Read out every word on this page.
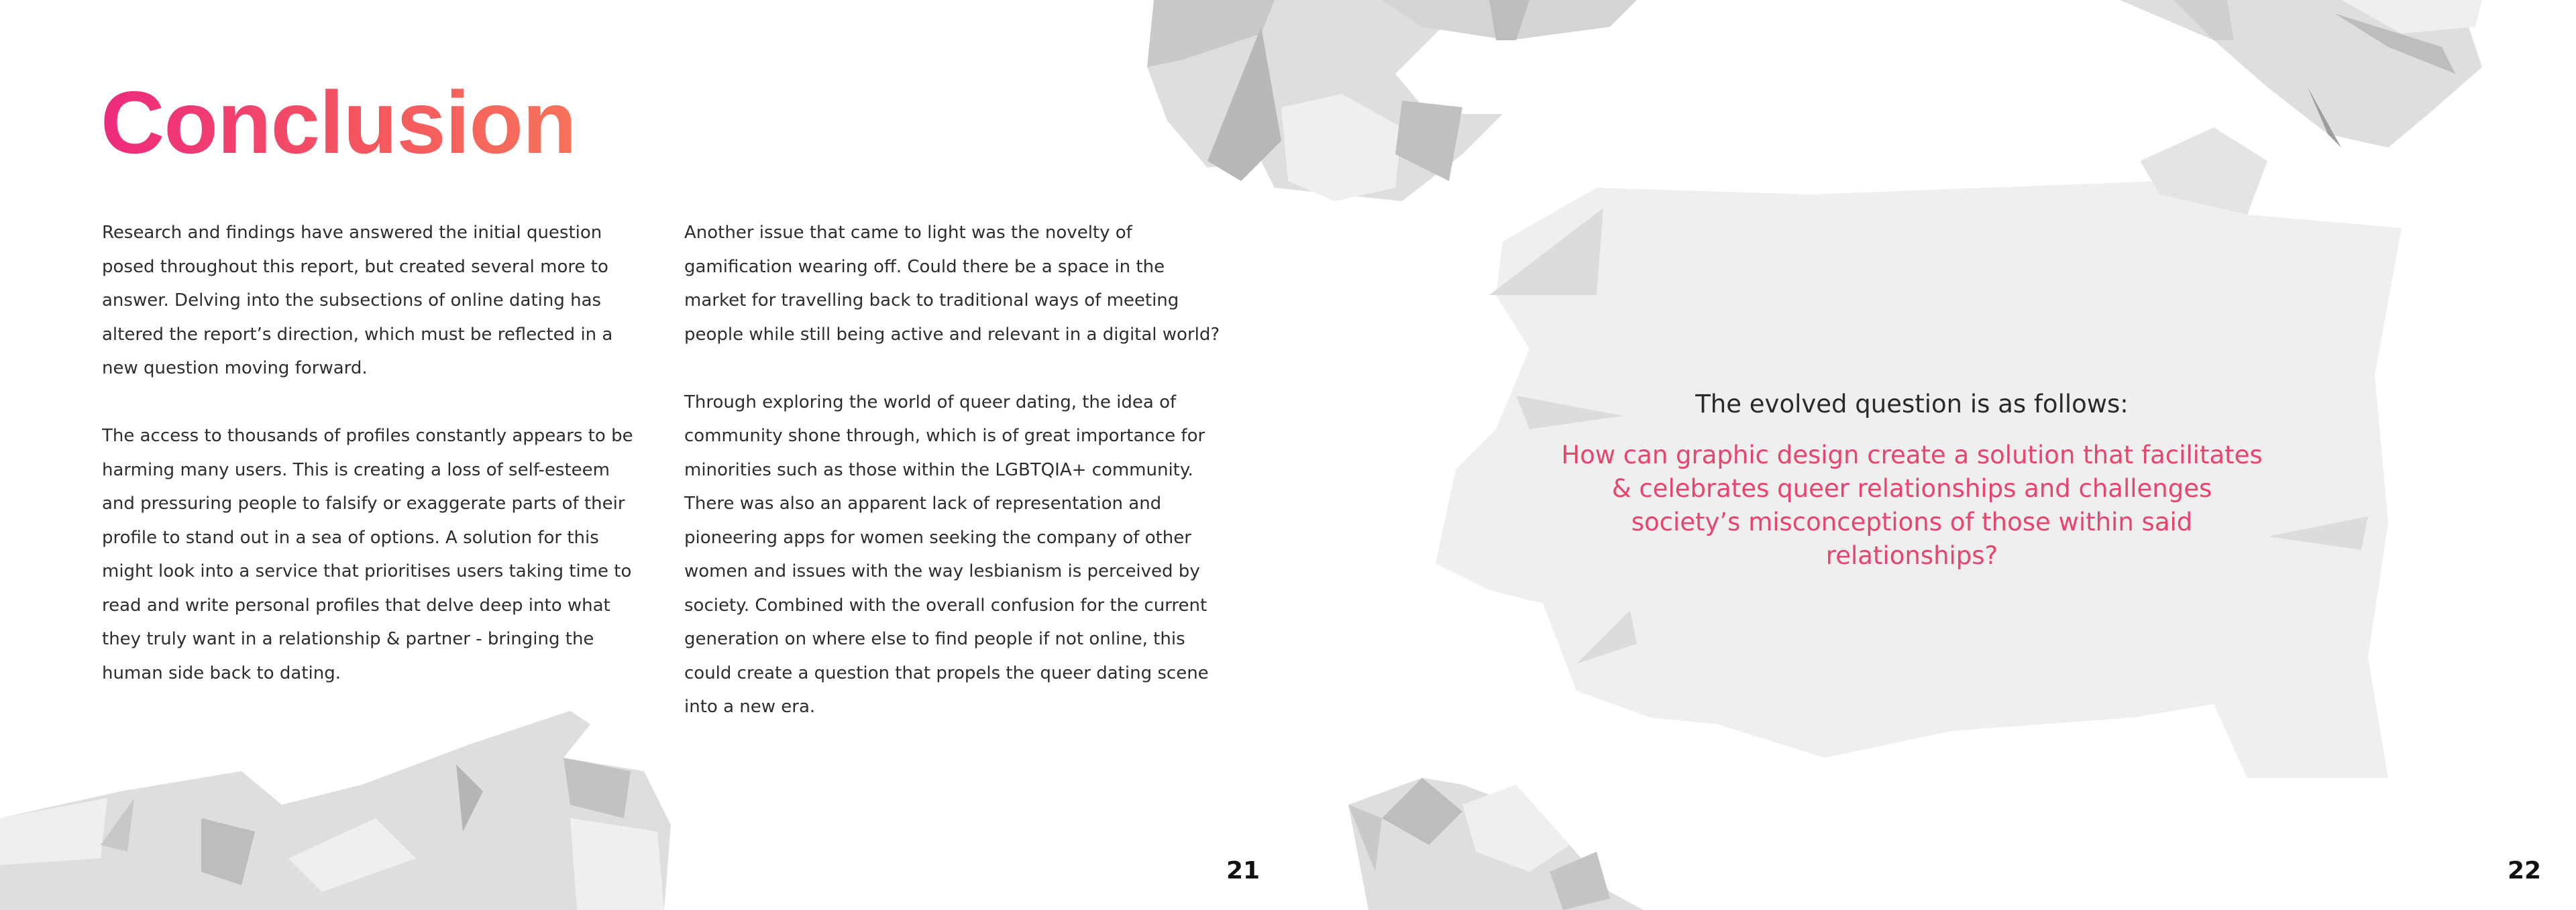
Conclusion

Research and findings have answered the initial question posed throughout this report, but created several more to answer. Delving into the subsections of online dating has altered the report’s direction, which must be reflected in a new question moving forward.

The access to thousands of profiles constantly appears to be harming many users. This is creating a loss of self-esteem and pressuring people to falsify or exaggerate parts of their profile to stand out in a sea of options. A solution for this might look into a service that prioritises users taking time to read and write personal profiles that delve deep into what they truly want in a relationship & partner - bringing the human side back to dating.

Another issue that came to light was the novelty of gamification wearing off. Could there be a space in the market for travelling back to traditional ways of meeting people while still being active and relevant in a digital world?

Through exploring the world of queer dating, the idea of community shone through, which is of great importance for minorities such as those within the LGBTQIA+ community. There was also an apparent lack of representation and pioneering apps for women seeking the company of other women and issues with the way lesbianism is perceived by society. Combined with the overall confusion for the current generation on where else to find people if not online, this could create a question that propels the queer dating scene into a new era.

21	22

The evolved question is as follows:

How can graphic design create a solution that facilitates & celebrates queer relationships and challenges society’s misconceptions of those within said relationships?
